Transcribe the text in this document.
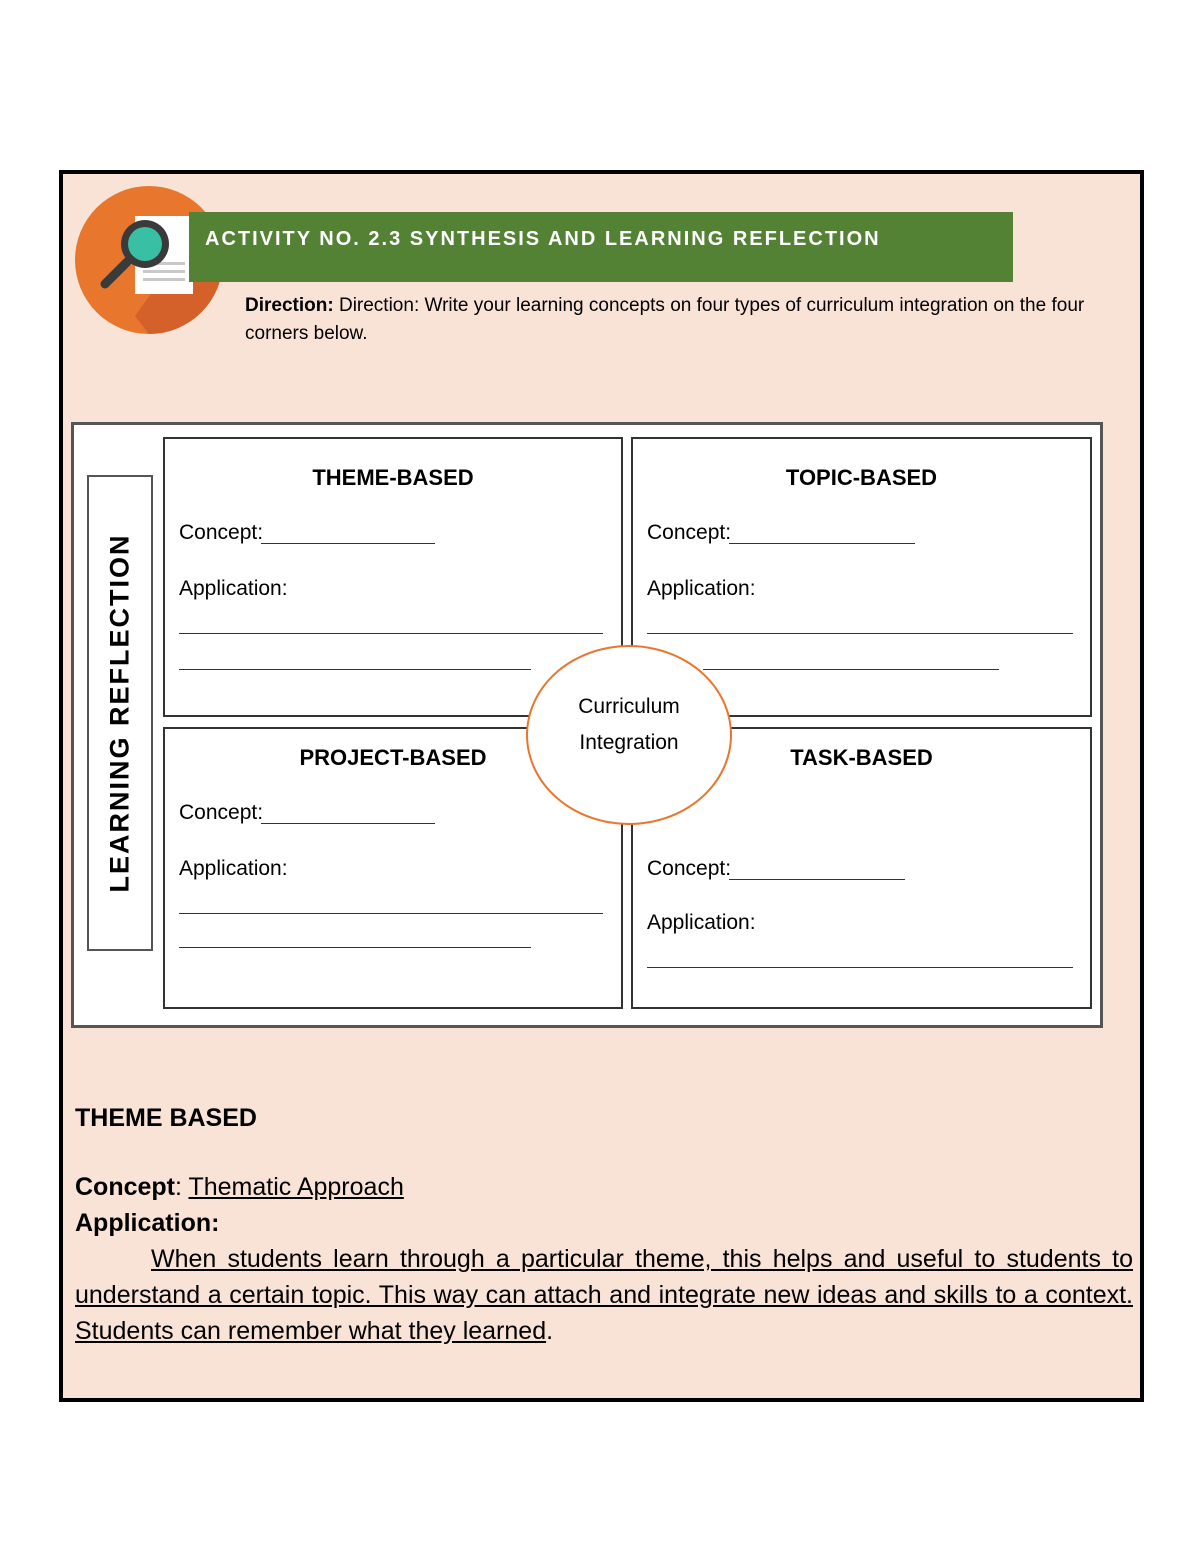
ACTIVITY NO. 2.3 SYNTHESIS AND LEARNING REFLECTION
Direction: Direction: Write your learning concepts on four types of curriculum integration on the four corners below.
LEARNING REFLECTION
THEME-BASED
Concept:
Application:
TOPIC-BASED
Concept:
Application:
PROJECT-BASED
Concept:
Application:
TASK-BASED
Concept:
Application:
Curriculum
Integration
THEME BASED
Concept: Thematic Approach
Application:
When students learn through a particular theme, this helps and useful to students to understand a certain topic. This way can attach and integrate new ideas and skills to a context. Students can remember what they learned.
